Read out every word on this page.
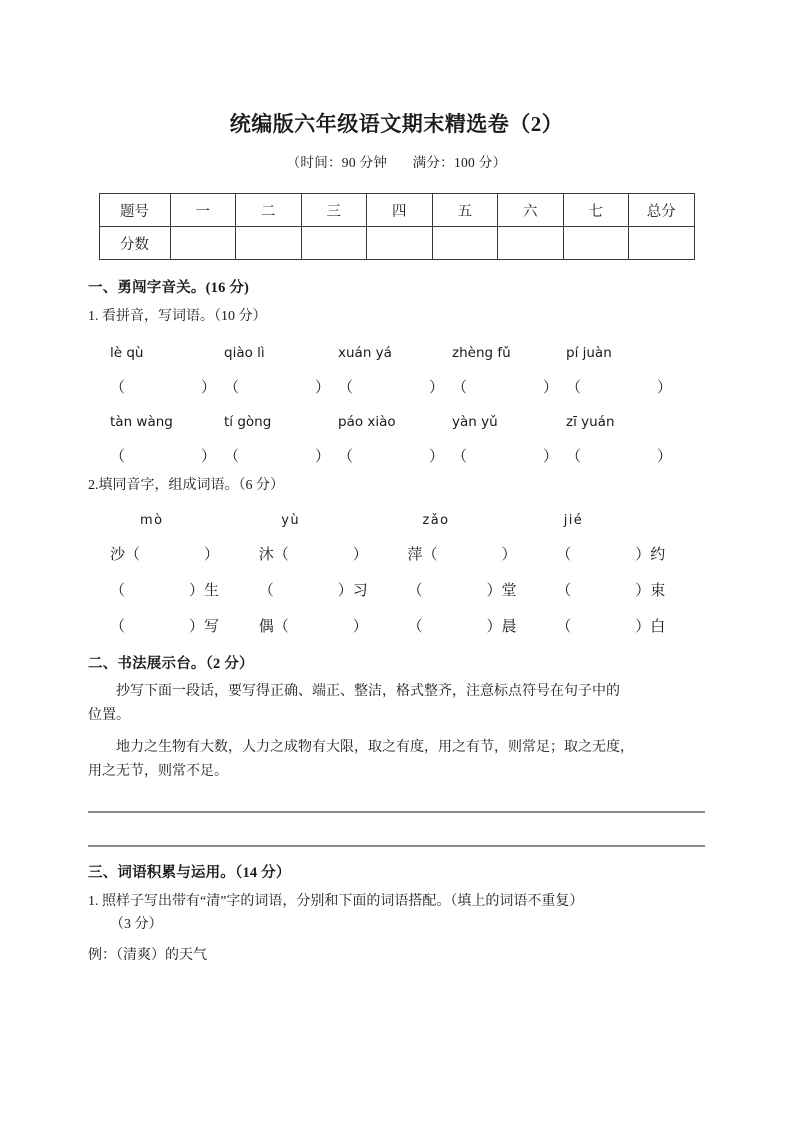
统编版六年级语文期末精选卷（2）
（时间：90 分钟 满分：100 分）
题号	一	二	三	四	五	六	七	总分
分数								
一、勇闯字音关。(16 分)
1. 看拼音，写词语。（10 分）
lè qù	qiào lì	xuán yá	zhèng fǔ	pí juàn
（	） （	） （	） （	） （	）
tàn wàng	tí gòng	páo xiào	yàn yǔ	zī yuán
（	） （	） （	） （	） （	）
2.填同音字，组成词语。（6 分）
mò	yù	zǎo	jié
沙（	）	沐（	）	萍（	）	（	）约
（	）生	（	）习	（	）堂	（	）束
（	）写	偶（	）	（	）晨	（	）白
二、书法展示台。（2 分）
抄写下面一段话，要写得正确、端正、整洁，格式整齐，注意标点符号在句子中的
位置。
地力之生物有大数，人力之成物有大限，取之有度，用之有节，则常足；取之无度，
用之无节，则常不足。
三、词语积累与运用。（14 分）
1. 照样子写出带有“清”字的词语，分别和下面的词语搭配。（填上的词语不重复）
（3 分）
例：（清爽）的天气
